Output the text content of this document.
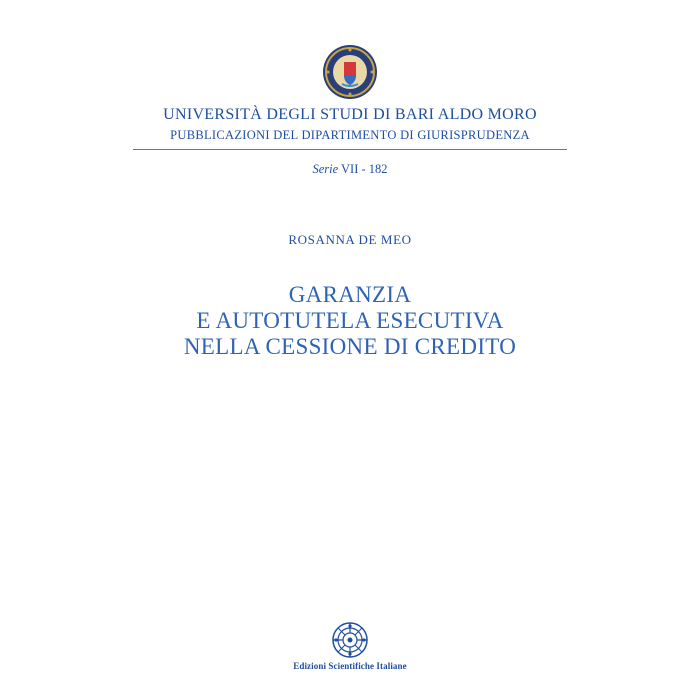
UNIVERSITÀ DEGLI STUDI DI BARI ALDO MORO
PUBBLICAZIONI DEL DIPARTIMENTO DI GIURISPRUDENZA
Serie VII - 182
ROSANNA DE MEO
GARANZIA
E AUTOTUTELA ESECUTIVA
NELLA CESSIONE DI CREDITO
Edizioni Scientifiche Italiane
